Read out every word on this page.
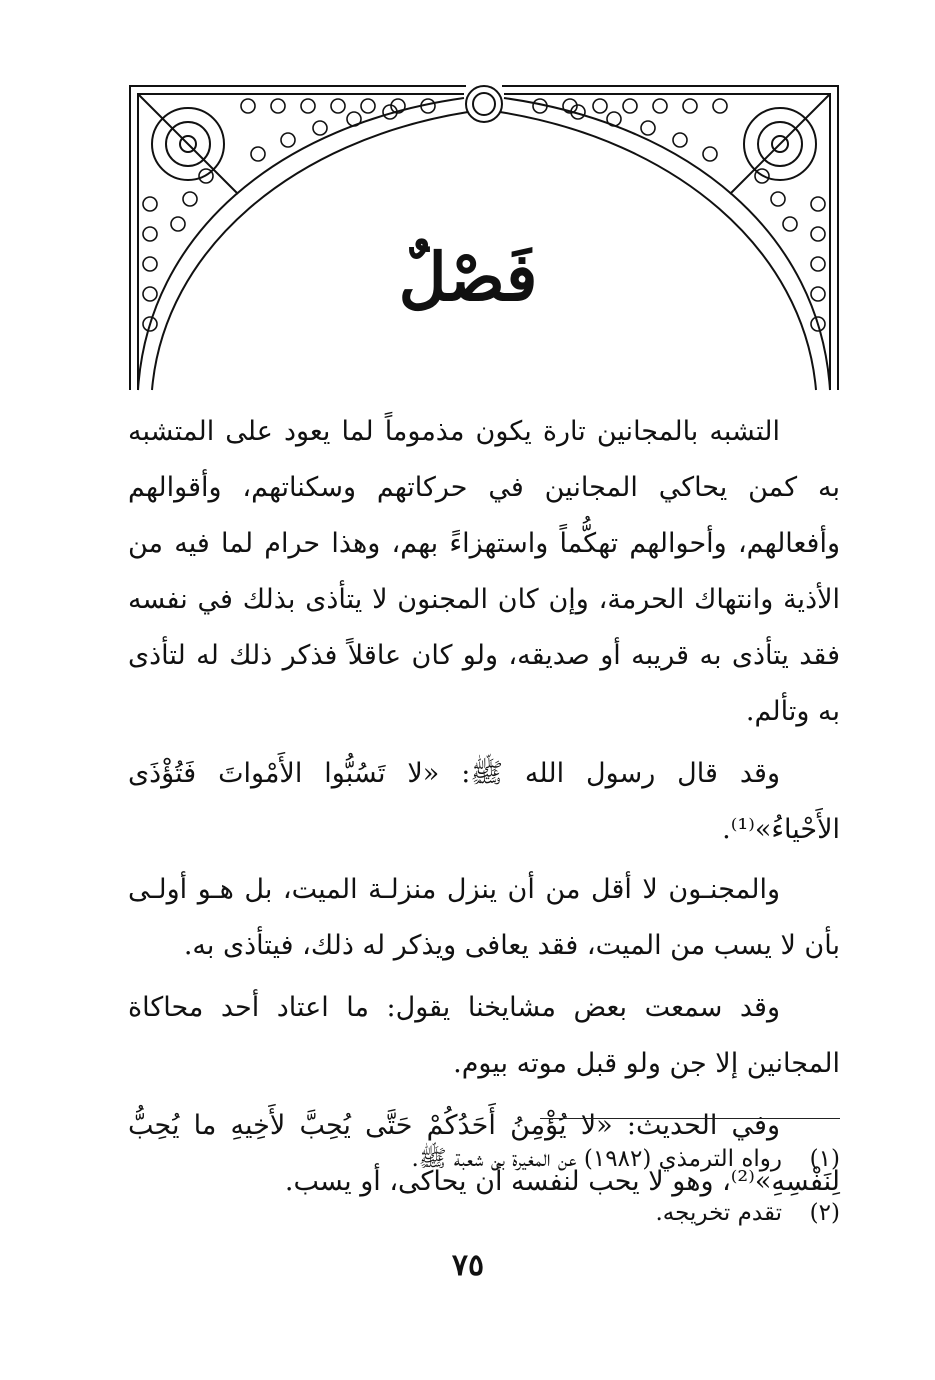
فَصْلٌ

التشبه بالمجانين تارة يكون مذموماً لما يعود على المتشبه به كمن يحاكي المجانين في حركاتهم وسكناتهم، وأقوالهم وأفعالهم، وأحوالهم تهكُّماً واستهزاءً بهم، وهذا حرام لما فيه من الأذية وانتهاك الحرمة، وإن كان المجنون لا يتأذى بذلك في نفسه فقد يتأذى به قريبه أو صديقه، ولو كان عاقلاً فذكر ذلك له لتأذى به وتألم.

وقد قال رسول الله ﷺ: «لا تَسُبُّوا الأَمْواتَ فَتُؤْذَى الأَحْياءُ»⁽¹⁾.

والمجنـون لا أقل من أن ينزل منزلـة الميت، بل هـو أولـى بأن لا يسب من الميت، فقد يعافى ويذكر له ذلك، فيتأذى به.

وقد سمعت بعض مشايخنا يقول: ما اعتاد أحد محاكاة المجانين إلا جن ولو قبل موته بيوم.

وفي الحديث: «لا يُؤْمِنُ أَحَدُكُمْ حَتَّى يُحِبَّ لأَخِيهِ ما يُحِبُّ لِنَفْسِهِ»⁽²⁾، وهو لا يحب لنفسه أن يحاكى، أو يسب.

(١)
رواه الترمذي (١٩٨٢) عن المغيرة بن شعبة ﷺ.
(٢)
تقدم تخريجه.
٧٥
